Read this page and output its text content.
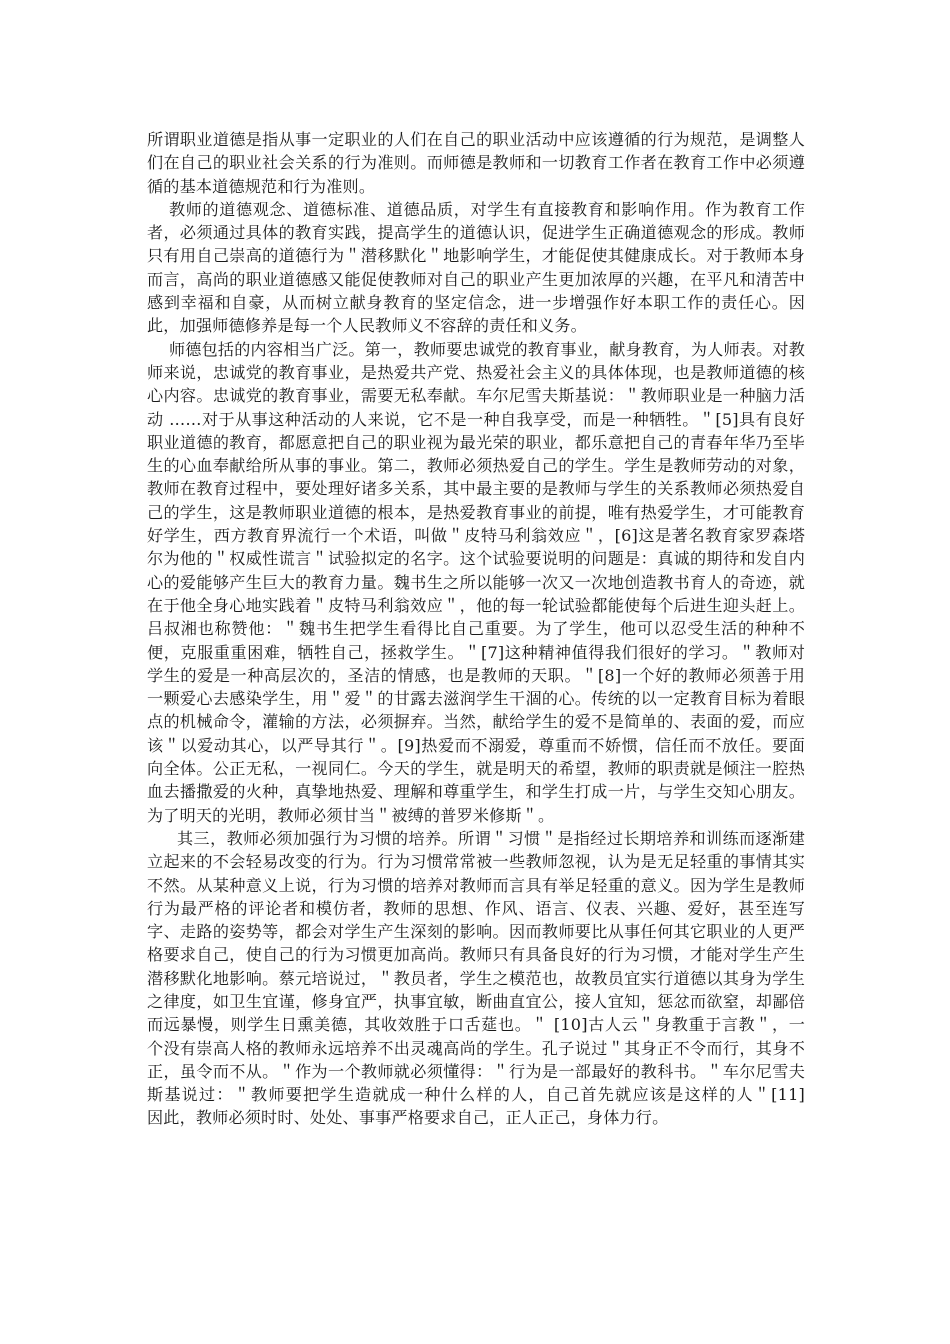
所谓职业道德是指从事一定职业的人们在自己的职业活动中应该遵循的行为规范，是调整人们在自己的职业社会关系的行为准则。而师德是教师和一切教育工作者在教育工作中必须遵循的基本道德规范和行为准则。

教师的道德观念、道德标准、道德品质，对学生有直接教育和影响作用。作为教育工作者，必须通过具体的教育实践，提高学生的道德认识，促进学生正确道德观念的形成。教师只有用自己崇高的道德行为＂潜移默化＂地影响学生，才能促使其健康成长。对于教师本身而言，高尚的职业道德感又能促使教师对自己的职业产生更加浓厚的兴趣，在平凡和清苦中感到幸福和自豪，从而树立献身教育的坚定信念，进一步增强作好本职工作的责任心。因此，加强师德修养是每一个人民教师义不容辞的责任和义务。

师德包括的内容相当广泛。第一，教师要忠诚党的教育事业，献身教育，为人师表。对教师来说，忠诚党的教育事业，是热爱共产党、热爱社会主义的具体体现，也是教师道德的核心内容。忠诚党的教育事业，需要无私奉献。车尔尼雪夫斯基说：＂教师职业是一种脑力活动 ……对于从事这种活动的人来说，它不是一种自我享受，而是一种牺牲。＂[5]具有良好职业道德的教育，都愿意把自己的职业视为最光荣的职业，都乐意把自己的青春年华乃至毕生的心血奉献给所从事的事业。第二，教师必须热爱自己的学生。学生是教师劳动的对象，教师在教育过程中，要处理好诸多关系，其中最主要的是教师与学生的关系教师必须热爱自己的学生，这是教师职业道德的根本，是热爱教育事业的前提，唯有热爱学生，才可能教育好学生，西方教育界流行一个术语，叫做＂皮特马利翁效应＂，[6]这是著名教育家罗森塔尔为他的＂权威性谎言＂试验拟定的名字。这个试验要说明的问题是：真诚的期待和发自内心的爱能够产生巨大的教育力量。魏书生之所以能够一次又一次地创造教书育人的奇迹，就在于他全身心地实践着＂皮特马利翁效应＂，他的每一轮试验都能使每个后进生迎头赶上。吕叔湘也称赞他：＂魏书生把学生看得比自己重要。为了学生，他可以忍受生活的种种不便，克服重重困难，牺牲自己，拯救学生。＂[7]这种精神值得我们很好的学习。＂教师对学生的爱是一种高层次的，圣洁的情感，也是教师的天职。＂[8]一个好的教师必须善于用一颗爱心去感染学生，用＂爱＂的甘露去滋润学生干涸的心。传统的以一定教育目标为着眼点的机械命令，灌输的方法，必须摒弃。当然，献给学生的爱不是简单的、表面的爱，而应该＂以爱动其心，以严导其行＂。[9]热爱而不溺爱，尊重而不娇惯，信任而不放任。要面向全体。公正无私，一视同仁。今天的学生，就是明天的希望，教师的职责就是倾注一腔热血去播撒爱的火种，真挚地热爱、理解和尊重学生，和学生打成一片，与学生交知心朋友。为了明天的光明，教师必须甘当＂被缚的普罗米修斯＂。

其三，教师必须加强行为习惯的培养。所谓＂习惯＂是指经过长期培养和训练而逐渐建立起来的不会轻易改变的行为。行为习惯常常被一些教师忽视，认为是无足轻重的事情其实不然。从某种意义上说，行为习惯的培养对教师而言具有举足轻重的意义。因为学生是教师行为最严格的评论者和模仿者，教师的思想、作风、语言、仪表、兴趣、爱好，甚至连写字、走路的姿势等，都会对学生产生深刻的影响。因而教师要比从事任何其它职业的人更严格要求自己，使自己的行为习惯更加高尚。教师只有具备良好的行为习惯，才能对学生产生潜移默化地影响。蔡元培说过，＂教员者，学生之模范也，故教员宜实行道德以其身为学生之律度，如卫生宜谨，修身宜严，执事宜敏，断曲直宜公，接人宜知，惩忿而欲窒，却鄙倍而远暴慢，则学生日熏美德，其收效胜于口舌莚也。＂ [10]古人云＂身教重于言教＂，一个没有崇高人格的教师永远培养不出灵魂高尚的学生。孔子说过＂其身正不令而行，其身不正，虽令而不从。＂作为一个教师就必须懂得：＂行为是一部最好的教科书。＂车尔尼雪夫斯基说过：＂教师要把学生造就成一种什么样的人，自己首先就应该是这样的人＂[11]　　因此，教师必须时时、处处、事事严格要求自己，正人正己，身体力行。
